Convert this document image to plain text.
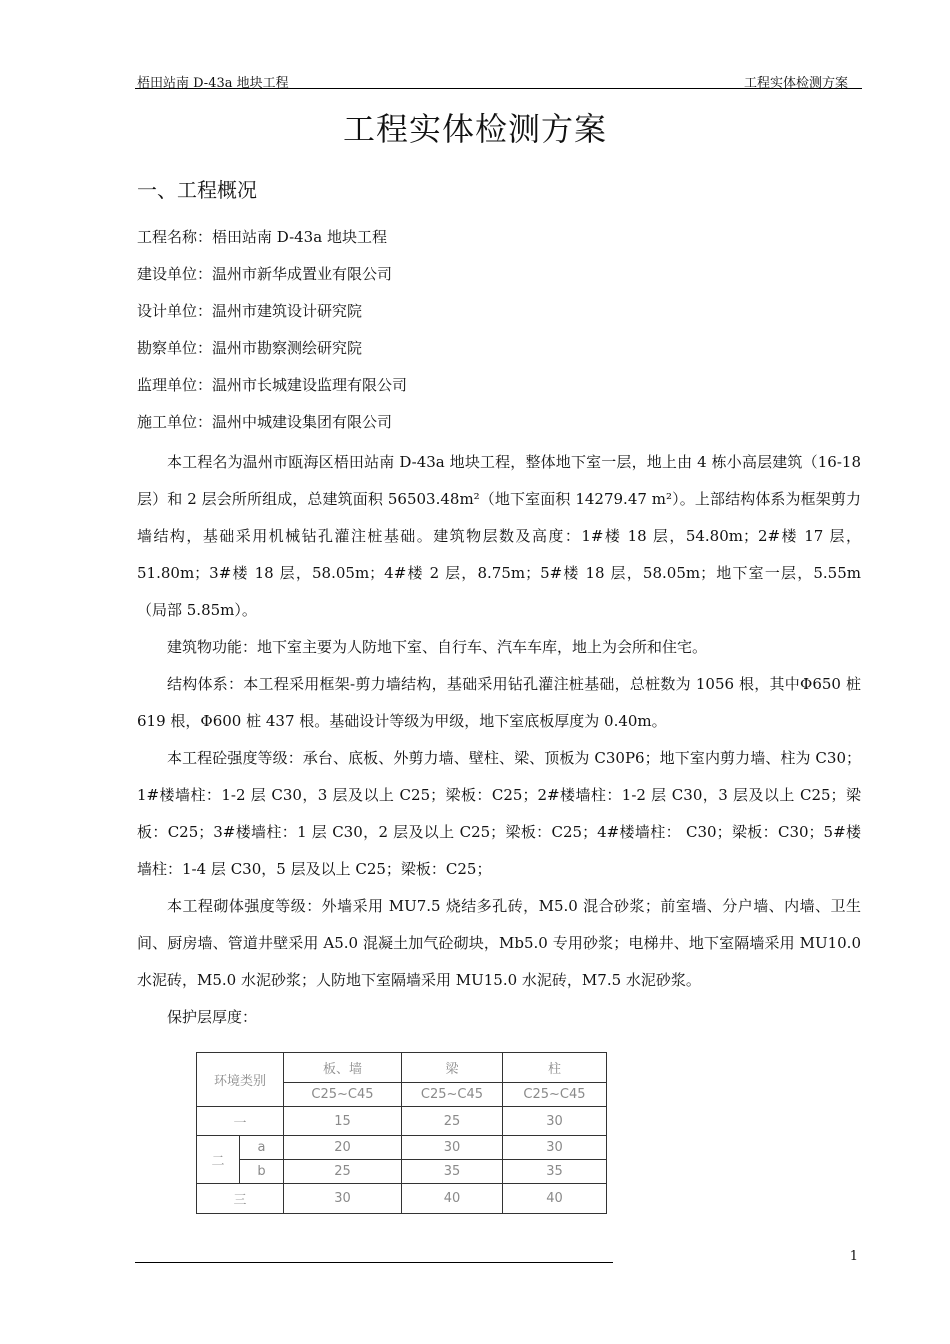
梧田站南 D-43a 地块工程	工程实体检测方案
工程实体检测方案
一、工程概况
工程名称：梧田站南 D-43a 地块工程
建设单位：温州市新华成置业有限公司
设计单位：温州市建筑设计研究院
勘察单位：温州市勘察测绘研究院
监理单位：温州市长城建设监理有限公司
施工单位：温州中城建设集团有限公司

本工程名为温州市瓯海区梧田站南 D-43a 地块工程，整体地下室一层，地上由 4 栋小高层建筑（16-18 层）和 2 层会所所组成，总建筑面积 56503.48m²（地下室面积 14279.47 m²）。上部结构体系为框架剪力墙结构，基础采用机械钻孔灌注桩基础。建筑物层数及高度：1#楼 18 层，54.80m；2#楼 17 层，51.80m；3#楼 18 层，58.05m；4#楼 2 层，8.75m；5#楼 18 层，58.05m；地下室一层，5.55m（局部 5.85m）。

建筑物功能：地下室主要为人防地下室、自行车、汽车车库，地上为会所和住宅。

结构体系：本工程采用框架-剪力墙结构，基础采用钻孔灌注桩基础，总桩数为 1056 根，其中Φ650 桩 619 根，Φ600 桩 437 根。基础设计等级为甲级，地下室底板厚度为 0.40m。

本工程砼强度等级：承台、底板、外剪力墙、壁柱、梁、顶板为 C30P6；地下室内剪力墙、柱为 C30；1#楼墙柱：1-2 层 C30，3 层及以上 C25；梁板：C25；2#楼墙柱：1-2 层 C30，3 层及以上 C25；梁板：C25；3#楼墙柱：1 层 C30，2 层及以上 C25；梁板：C25；4#楼墙柱： C30；梁板：C30；5#楼墙柱：1-4 层 C30，5 层及以上 C25；梁板：C25；

本工程砌体强度等级：外墙采用 MU7.5 烧结多孔砖，M5.0 混合砂浆；前室墙、分户墙、内墙、卫生间、厨房墙、管道井壁采用 A5.0 混凝土加气砼砌块，Mb5.0 专用砂浆；电梯井、地下室隔墙采用 MU10.0 水泥砖，M5.0 水泥砂浆；人防地下室隔墙采用 MU15.0 水泥砖，M7.5 水泥砂浆。

保护层厚度：

环境类别		板、墙	梁	柱
		C25~C45	C25~C45	C25~C45
一		15	25	30
二	a	20	30	30
	b	25	35	35
三		30	40	40
1
